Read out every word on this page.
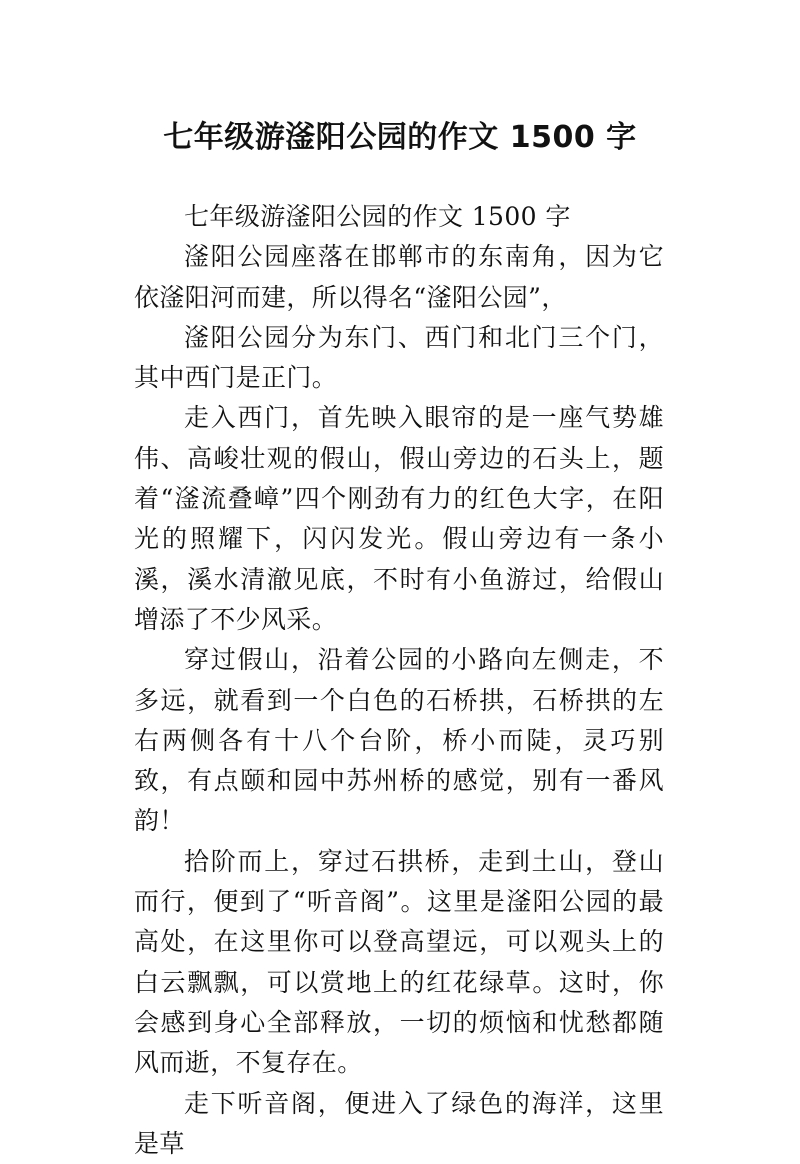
七年级游滏阳公园的作文 1500 字

七年级游滏阳公园的作文 1500 字

滏阳公园座落在邯郸市的东南角，因为它依滏阳河而建，所以得名“滏阳公园”，

滏阳公园分为东门、西门和北门三个门，其中西门是正门。

走入西门，首先映入眼帘的是一座气势雄伟、高峻壮观的假山，假山旁边的石头上，题着“滏流叠嶂”四个刚劲有力的红色大字，在阳光的照耀下，闪闪发光。假山旁边有一条小溪，溪水清澈见底，不时有小鱼游过，给假山增添了不少风采。

穿过假山，沿着公园的小路向左侧走，不多远，就看到一个白色的石桥拱，石桥拱的左右两侧各有十八个台阶，桥小而陡，灵巧别致，有点颐和园中苏州桥的感觉，别有一番风韵！

拾阶而上，穿过石拱桥，走到土山，登山而行，便到了“听音阁”。这里是滏阳公园的最高处，在这里你可以登高望远，可以观头上的白云飘飘，可以赏地上的红花绿草。这时，你会感到身心全部释放，一切的烦恼和忧愁都随风而逝，不复存在。

走下听音阁，便进入了绿色的海洋，这里是草
